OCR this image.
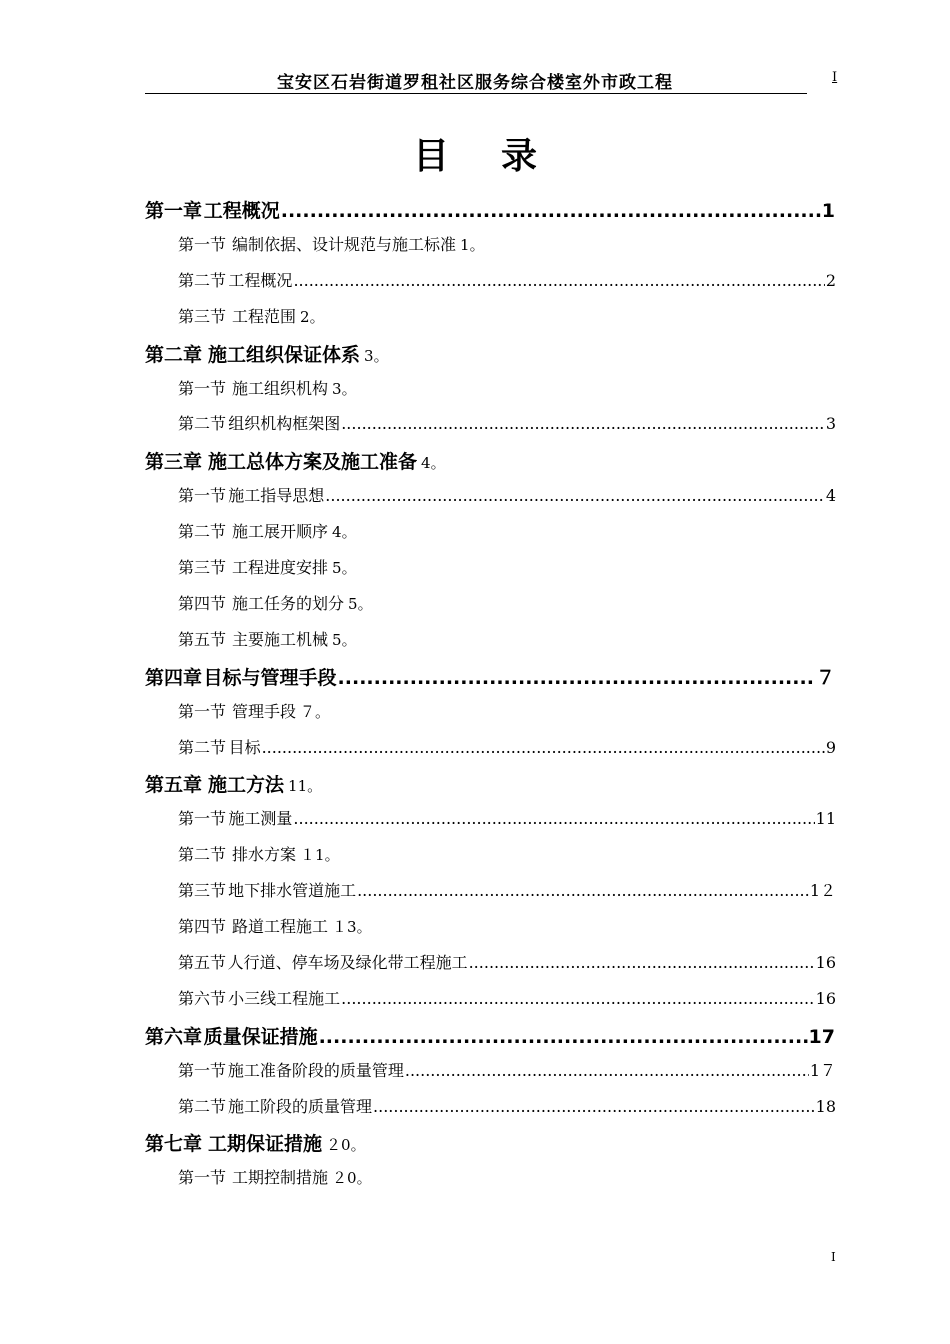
宝安区石岩街道罗租社区服务综合楼室外市政工程	I
目录
第一章 工程概况 .....	1
第一节 编制依据、设计规范与施工标准 1。
第二节 工程概况 .....	2
第三节 工程范围 2。
第二章 施工组织保证体系 3。
第一节 施工组织机构 3。
第二节 组织机构框架图 .....	3
第三章 施工总体方案及施工准备 4。
第一节 施工指导思想 .....	4
第二节 施工展开顺序 4。
第三节 工程进度安排 5。
第四节 施工任务的划分 5。
第五节 主要施工机械 5。
第四章 目标与管理手段 .....	７
第一节 管理手段 ７。
第二节 目标 .....	9
第五章 施工方法 11。
第一节 施工测量 .....	11
第二节 排水方案 １1。
第三节 地下排水管道施工 .....	1２
第四节 路道工程施工 １3。
第五节 人行道、停车场及绿化带工程施工 .....	16
第六节 小三线工程施工 .....	16
第六章 质量保证措施 .....	17
第一节 施工准备阶段的质量管理 .....	1７
第二节 施工阶段的质量管理 .....	18
第七章 工期保证措施 ２0。
第一节 工期控制措施 ２0。
I
